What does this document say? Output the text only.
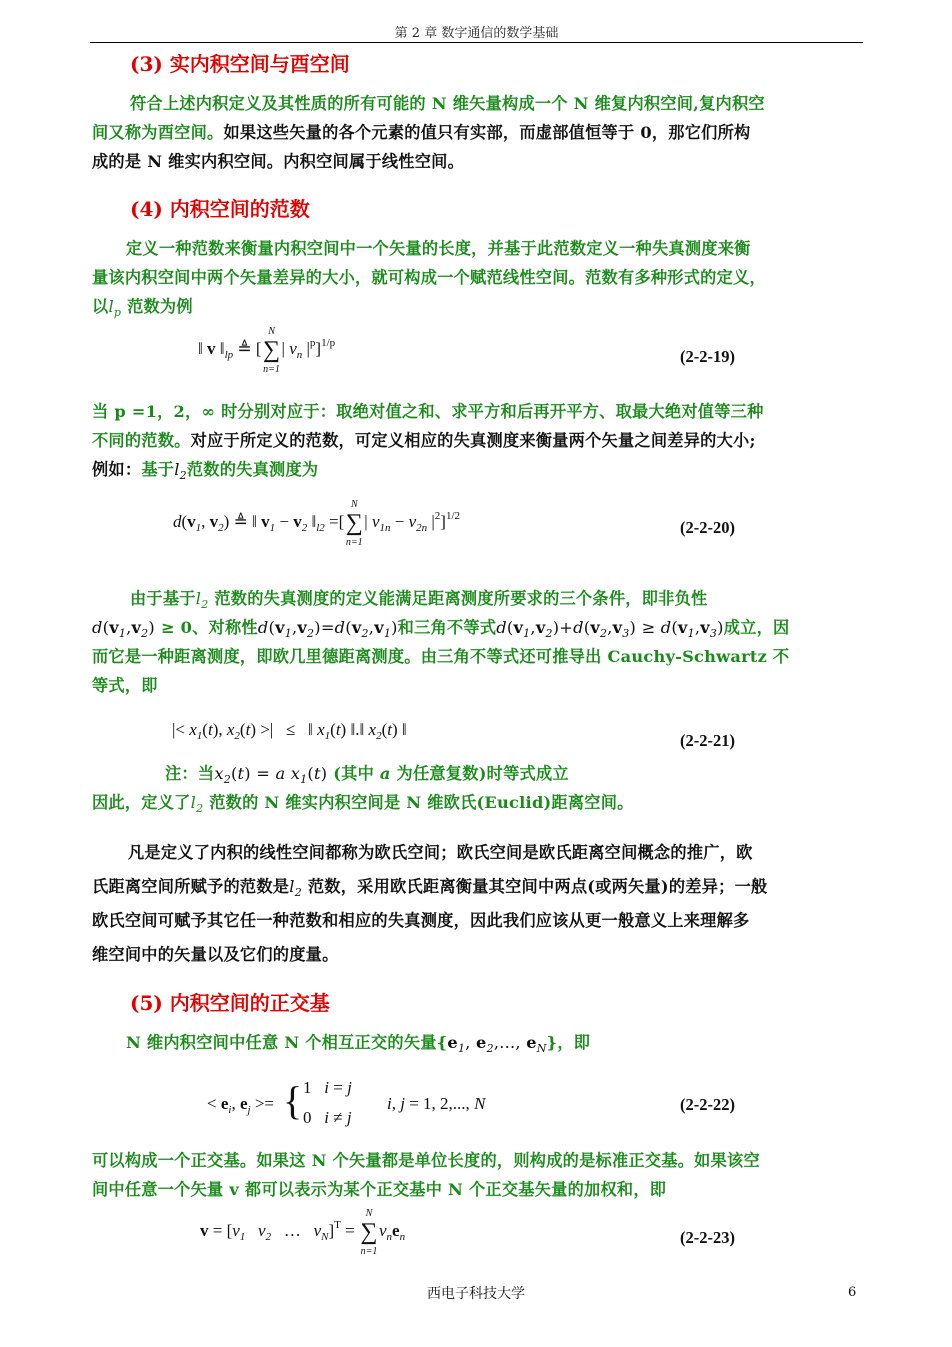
第 2 章 数字通信的数学基础
(3) 实内积空间与酉空间
符合上述内积定义及其性质的所有可能的 N 维矢量构成一个 N 维复内积空间,复内积空
间又称为酉空间。如果这些矢量的各个元素的值只有实部，而虚部值恒等于 0，那它们所构
成的是 N 维实内积空间。内积空间属于线性空间。
(4) 内积空间的范数
定义一种范数来衡量内积空间中一个矢量的长度，并基于此范数定义一种失真测度来衡
量该内积空间中两个矢量差异的大小，就可构成一个赋范线性空间。范数有多种形式的定义，
以$l_p$ 范数为例
‖ v $‖_{lp}$ ≜ [
N
∑
n=1
| $v_n$ $|^p]^{1/p}$
(2-2-19)
当 p =1，2，∞ 时分别对应于：取绝对值之和、求平方和后再开平方、取最大绝对值等三种
不同的范数。对应于所定义的范数，可定义相应的失真测度来衡量两个矢量之间差异的大小;
例如：基于$l_2$范数的失真测度为
$d(v_1$, $v_2$) ≜ ‖ $v_1 - v_2$ $‖_{l2}$ =[
N
∑
n=1
| $v_{1n} - v_{2n}$ $|^2]^{1/2}$
(2-2-20)
由于基于$l_2$ 范数的失真测度的定义能满足距离测度所要求的三个条件，即非负性
$d(v_1,v_2) \ge 0$、对称性$d(v_1,v_2)=d(v_2,v_1)$和三角不等式$d(v_1,v_2)+d(v_2,v_3) \ge d(v_1,v_3)$成立，因
而它是一种距离测度，即欧几里德距离测度。由三角不等式还可推导出 Cauchy-Schwartz 不
等式，即
|< $x_1(t)$, $x_2(t)$ >|   ≤   ‖ $x_1(t)$ ‖.‖ $x_2(t)$ ‖
(2-2-21)
注：当$x_2(t) = a$ $x_1(t)$ (其中 a 为任意复数)时等式成立
因此，定义了$l_2$ 范数的 N 维实内积空间是 N 维欧氏(Euclid)距离空间。
凡是定义了内积的线性空间都称为欧氏空间；欧氏空间是欧氏距离空间概念的推广，欧
氏距离空间所赋予的范数是$l_2$ 范数，采用欧氏距离衡量其空间中两点(或两矢量)的差异；一般
欧氏空间可赋予其它任一种范数和相应的失真测度，因此我们应该从更一般意义上来理解多
维空间中的矢量以及它们的度量。
(5) 内积空间的正交基
N 维内积空间中任意 N 个相互正交的矢量{$e_1$, $e_2$,..., $e_N$}，即
< $e_i$, $e_j$ >= { 1   i = j
0   i ≠ j
i, j = 1, 2,..., N	(2-2-22)
可以构成一个正交基。如果这 N 个矢量都是单位长度的，则构成的是标准正交基。如果该空
间中任意一个矢量 v 都可以表示为某个正交基中 N 个正交基矢量的加权和，即
$v = [v_1$ $v_2$   …   $v_N]^T$ =
N
∑
n=1
$v_ne_n$	(2-2-23)
西电子科技大学	6
